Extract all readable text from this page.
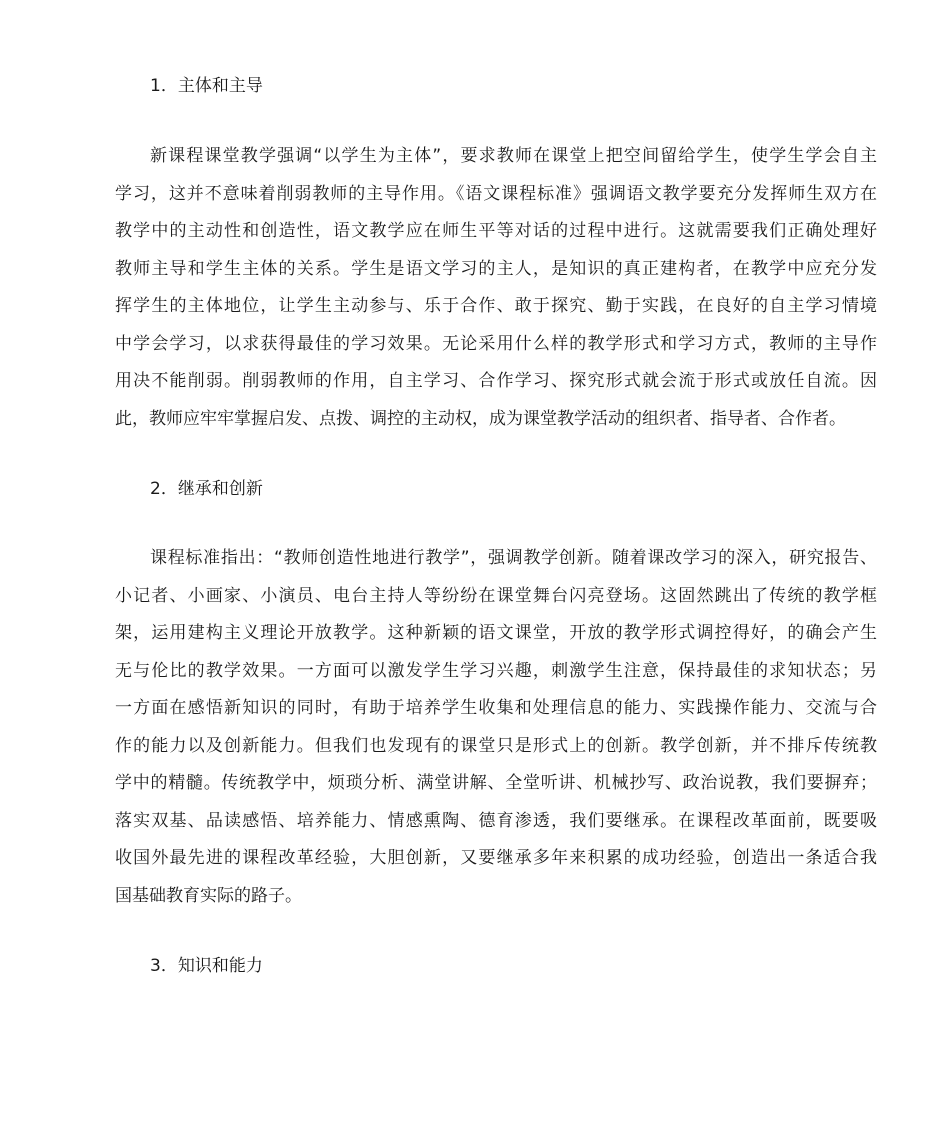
1．主体和主导
新课程课堂教学强调“以学生为主体”，要求教师在课堂上把空间留给学生，使学生学会自主
学习，这并不意味着削弱教师的主导作用。《语文课程标准》强调语文教学要充分发挥师生双方在
教学中的主动性和创造性，语文教学应在师生平等对话的过程中进行。这就需要我们正确处理好
教师主导和学生主体的关系。学生是语文学习的主人，是知识的真正建构者，在教学中应充分发
挥学生的主体地位，让学生主动参与、乐于合作、敢于探究、勤于实践，在良好的自主学习情境
中学会学习，以求获得最佳的学习效果。无论采用什么样的教学形式和学习方式，教师的主导作
用决不能削弱。削弱教师的作用，自主学习、合作学习、探究形式就会流于形式或放任自流。因
此，教师应牢牢掌握启发、点拨、调控的主动权，成为课堂教学活动的组织者、指导者、合作者。
2．继承和创新
课程标准指出：“教师创造性地进行教学”，强调教学创新。随着课改学习的深入，研究报告、
小记者、小画家、小演员、电台主持人等纷纷在课堂舞台闪亮登场。这固然跳出了传统的教学框
架，运用建构主义理论开放教学。这种新颖的语文课堂，开放的教学形式调控得好，的确会产生
无与伦比的教学效果。一方面可以激发学生学习兴趣，刺激学生注意，保持最佳的求知状态；另
一方面在感悟新知识的同时，有助于培养学生收集和处理信息的能力、实践操作能力、交流与合
作的能力以及创新能力。但我们也发现有的课堂只是形式上的创新。教学创新，并不排斥传统教
学中的精髓。传统教学中，烦琐分析、满堂讲解、全堂听讲、机械抄写、政治说教，我们要摒弃；
落实双基、品读感悟、培养能力、情感熏陶、德育渗透，我们要继承。在课程改革面前，既要吸
收国外最先进的课程改革经验，大胆创新，又要继承多年来积累的成功经验，创造出一条适合我
国基础教育实际的路子。
3．知识和能力
